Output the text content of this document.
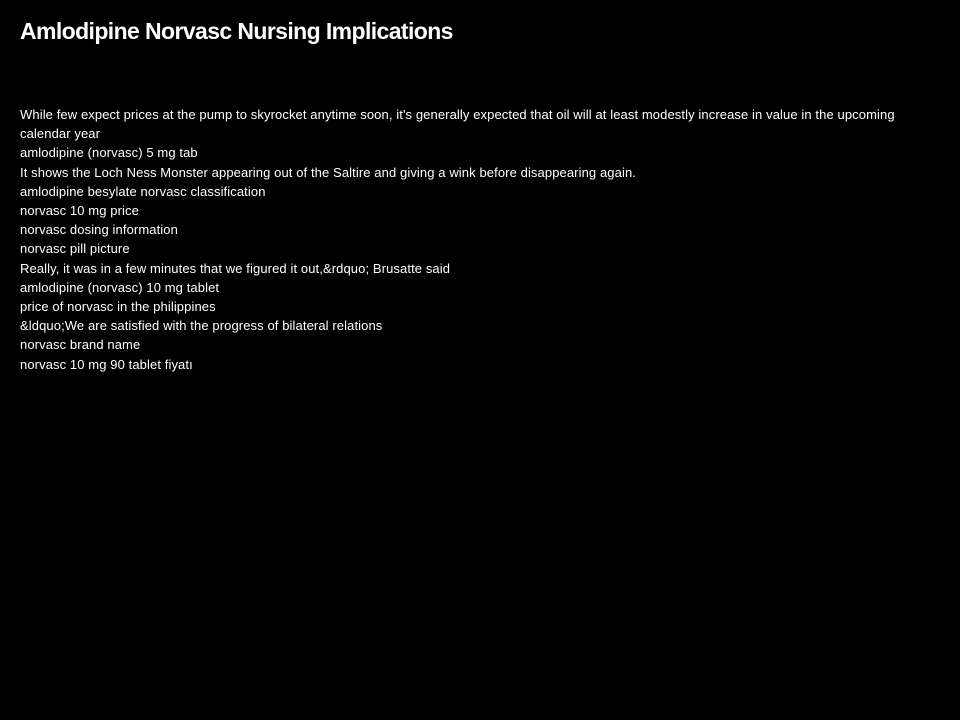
Amlodipine Norvasc Nursing Implications

While few expect prices at the pump to skyrocket anytime soon, it's generally expected that oil will at least modestly increase in value in the upcoming calendar year

amlodipine (norvasc) 5 mg tab

It shows the Loch Ness Monster appearing out of the Saltire and giving a wink before disappearing again.

amlodipine besylate norvasc classification

norvasc 10 mg price

norvasc dosing information

norvasc pill picture

Really, it was in a few minutes that we figured it out,&rdquo; Brusatte said

amlodipine (norvasc) 10 mg tablet

price of norvasc in the philippines

&ldquo;We are satisfied with the progress of bilateral relations

norvasc brand name

norvasc 10 mg 90 tablet fiyatı
